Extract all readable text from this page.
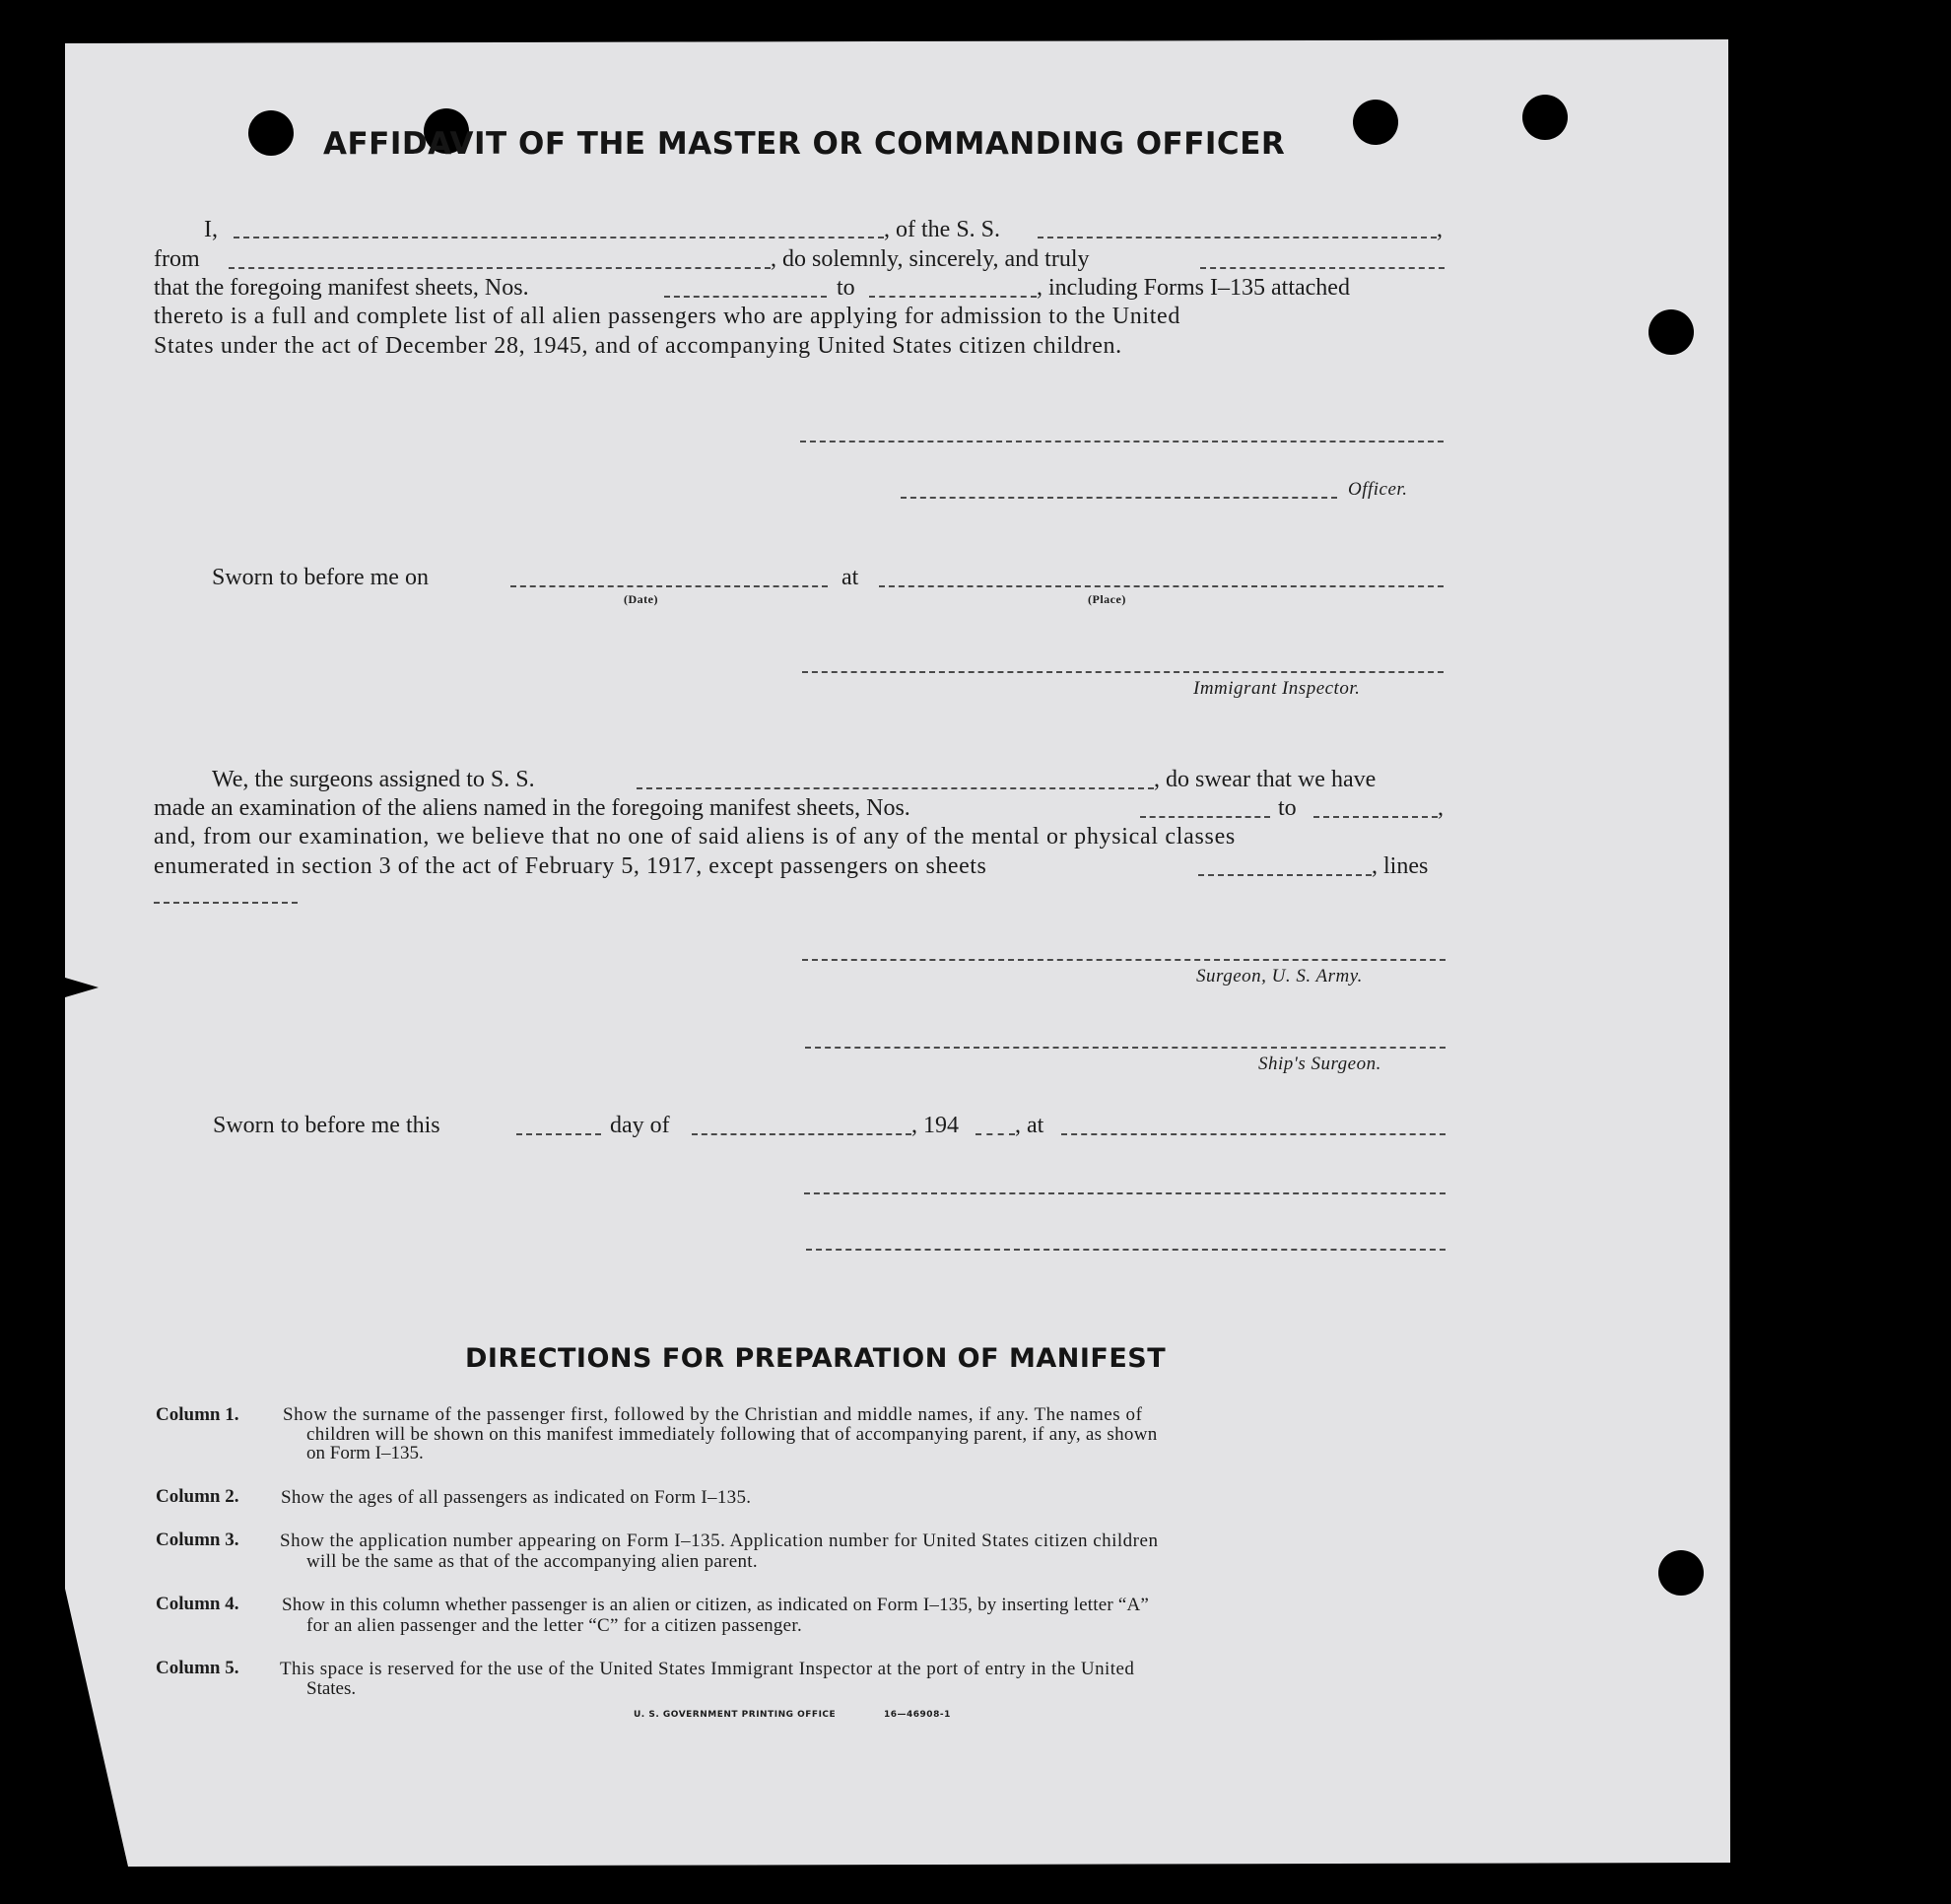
AFFIDAVIT OF THE MASTER OR COMMANDING OFFICER
I,	, of the S. S.	,
from	, do solemnly, sincerely, and truly
that the foregoing manifest sheets, Nos.	to	, including Forms I–135 attached
thereto is a full and complete list of all alien passengers who are applying for admission to the United
States under the act of December 28, 1945, and of accompanying United States citizen children.
Officer.
Sworn to before me on
(Date)
at
(Place)
Immigrant Inspector.
We, the surgeons assigned to S. S.	, do swear that we have
made an examination of the aliens named in the foregoing manifest sheets, Nos.	to	,
and, from our examination, we believe that no one of said aliens is of any of the mental or physical classes
enumerated in section 3 of the act of February 5, 1917, except passengers on sheets	, lines
Surgeon, U. S. Army.
Ship's Surgeon.
Sworn to before me this	day of	, 194 , at
DIRECTIONS FOR PREPARATION OF MANIFEST
Column 1. Show the surname of the passenger first, followed by the Christian and middle names, if any. The names of
children will be shown on this manifest immediately following that of accompanying parent, if any, as shown
on Form I–135.
Column 2. Show the ages of all passengers as indicated on Form I–135.
Column 3. Show the application number appearing on Form I–135. Application number for United States citizen children
will be the same as that of the accompanying alien parent.
Column 4. Show in this column whether passenger is an alien or citizen, as indicated on Form I–135, by inserting letter “A”
for an alien passenger and the letter “C” for a citizen passenger.
Column 5. This space is reserved for the use of the United States Immigrant Inspector at the port of entry in the United
States.
U. S. GOVERNMENT PRINTING OFFICE	16—46908-1
